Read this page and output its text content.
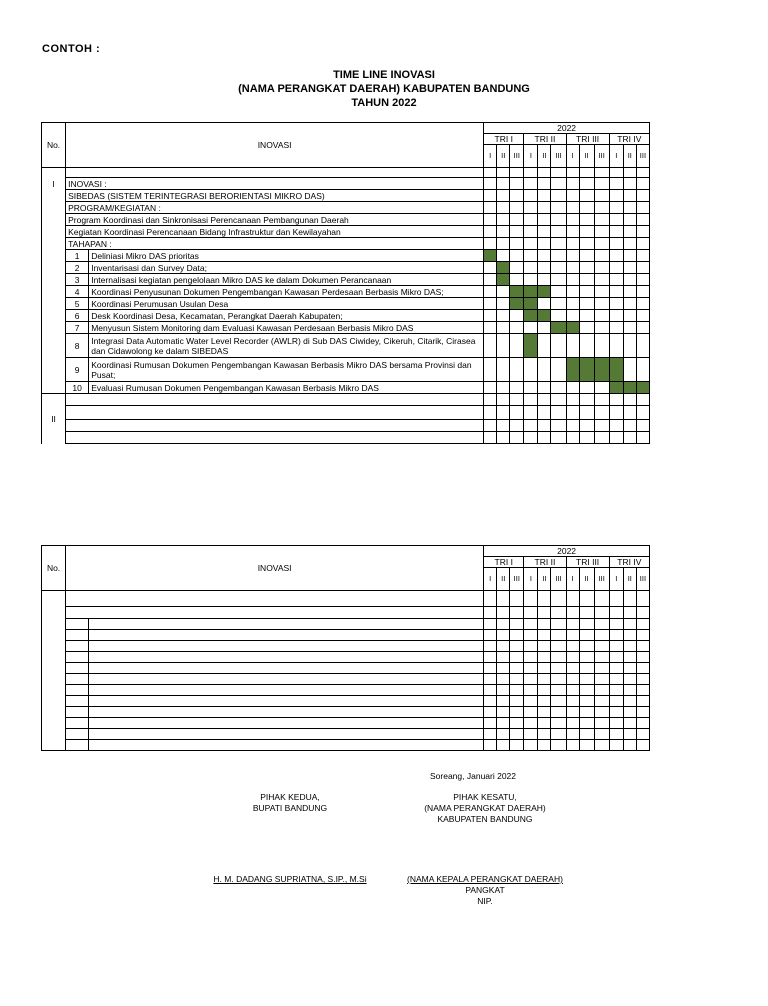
CONTOH :
TIME LINE INOVASI
(NAMA PERANGKAT DAERAH) KABUPATEN BANDUNG
TAHUN 2022
No.	INOVASI		2022											
			TRI I			TRI II			TRI III			TRI IV		
			I	II	III	I	II	III	I	II	III	I	II	III

I	INOVASI :													
	SIBEDAS (SISTEM TERINTEGRASI BERORIENTASI MIKRO DAS)													
	PROGRAM/KEGIATAN :													
	Program Koordinasi dan Sinkronisasi Perencanaan Pembangunan Daerah													
	Kegiatan Koordinasi Perencanaan Bidang Infrastruktur dan Kewilayahan													
	TAHAPAN :													
	1	Deliniasi Mikro DAS prioritas												
	2	Inventarisasi dan Survey Data;												
	3	Internalisasi kegiatan pengelolaan Mikro DAS ke dalam Dokumen Perancanaan												
	4	Koordinasi Penyusunan Dokumen Pengembangan Kawasan Perdesaan Berbasis Mikro DAS;												
	5	Koordinasi Perumusan Usulan Desa												
	6	Desk Koordinasi Desa, Kecamatan, Perangkat Daerah Kabupaten;												
	7	Menyusun Sistem Monitoring dam Evaluasi Kawasan Perdesaan Berbasis Mikro DAS												
	8	Integrasi Data Automatic Water Level Recorder (AWLR) di Sub DAS Ciwidey, Cikeruh, Citarik, Cirasea dan Cidawolong ke dalam SIBEDAS												
	9	Koordinasi Rumusan Dokumen Pengembangan Kawasan Berbasis Mikro DAS bersama Provinsi dan Pusat;												
	10	Evaluasi Rumusan Dokumen Pengembangan Kawasan Berbasis Mikro DAS												
II														

No.	INOVASI		2022											
			TRI I			TRI II			TRI III			TRI IV		
			I	II	III	I	II	III	I	II	III	I	II	III

Soreang, Januari 2022
PIHAK KEDUA,
BUPATI BANDUNG
PIHAK KESATU,
(NAMA PERANGKAT DAERAH)
KABUPATEN BANDUNG
H. M. DADANG SUPRIATNA, S.IP., M.Si	(NAMA KEPALA PERANGKAT DAERAH)
PANGKAT
NIP.
